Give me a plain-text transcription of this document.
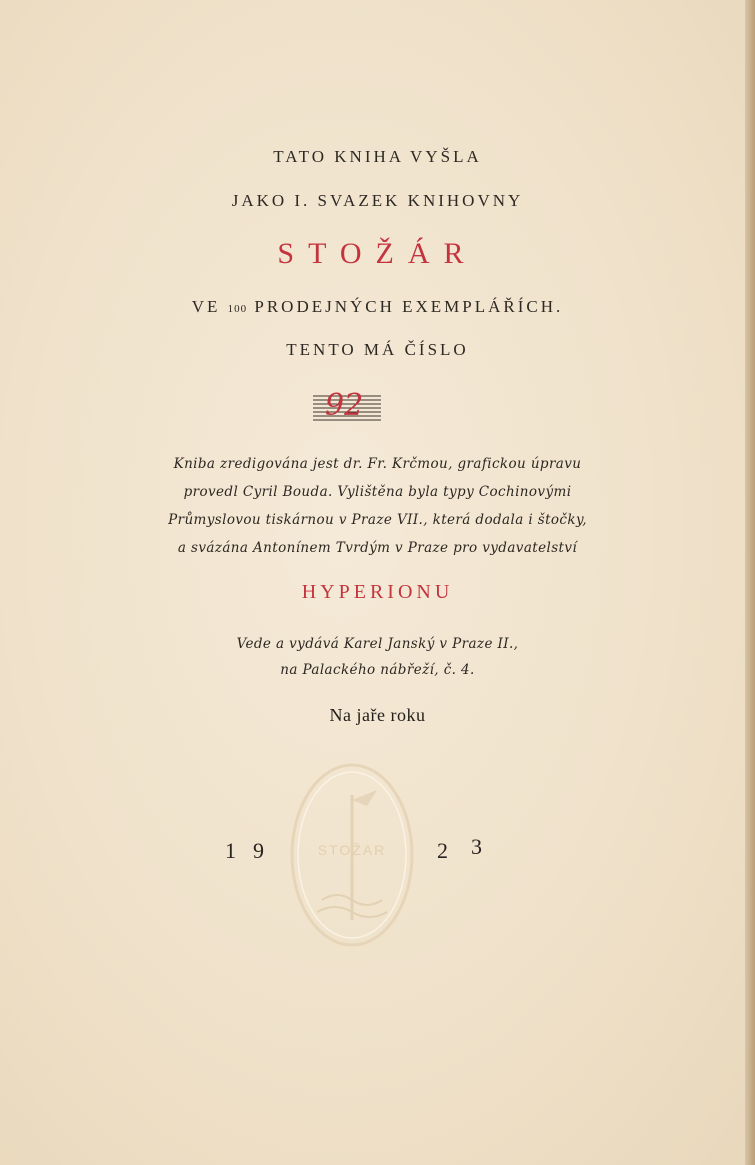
TATO KNIHA VYŠLA
JAKO I. SVAZEK KNIHOVNY
STOŽÁR
VE 100 PRODEJNÝCH EXEMPLÁŘÍCH.
TENTO MÁ ČÍSLO
92
Kniba zredigována jest dr. Fr. Krčmou, grafickou úpravu
provedl Cyril Bouda. Vylištěna byla typy Cochinovými
Průmyslovou tiskárnou v Praze VII., která dodala i štočky,
a svázána Antonínem Tvrdým v Praze pro vydavatelství
HYPERIONU
Vede a vydává Karel Janský v Praze II.,
na Palackého nábřeží, č. 4.
Na jaře roku
STOŽAR
1 9	2 3
